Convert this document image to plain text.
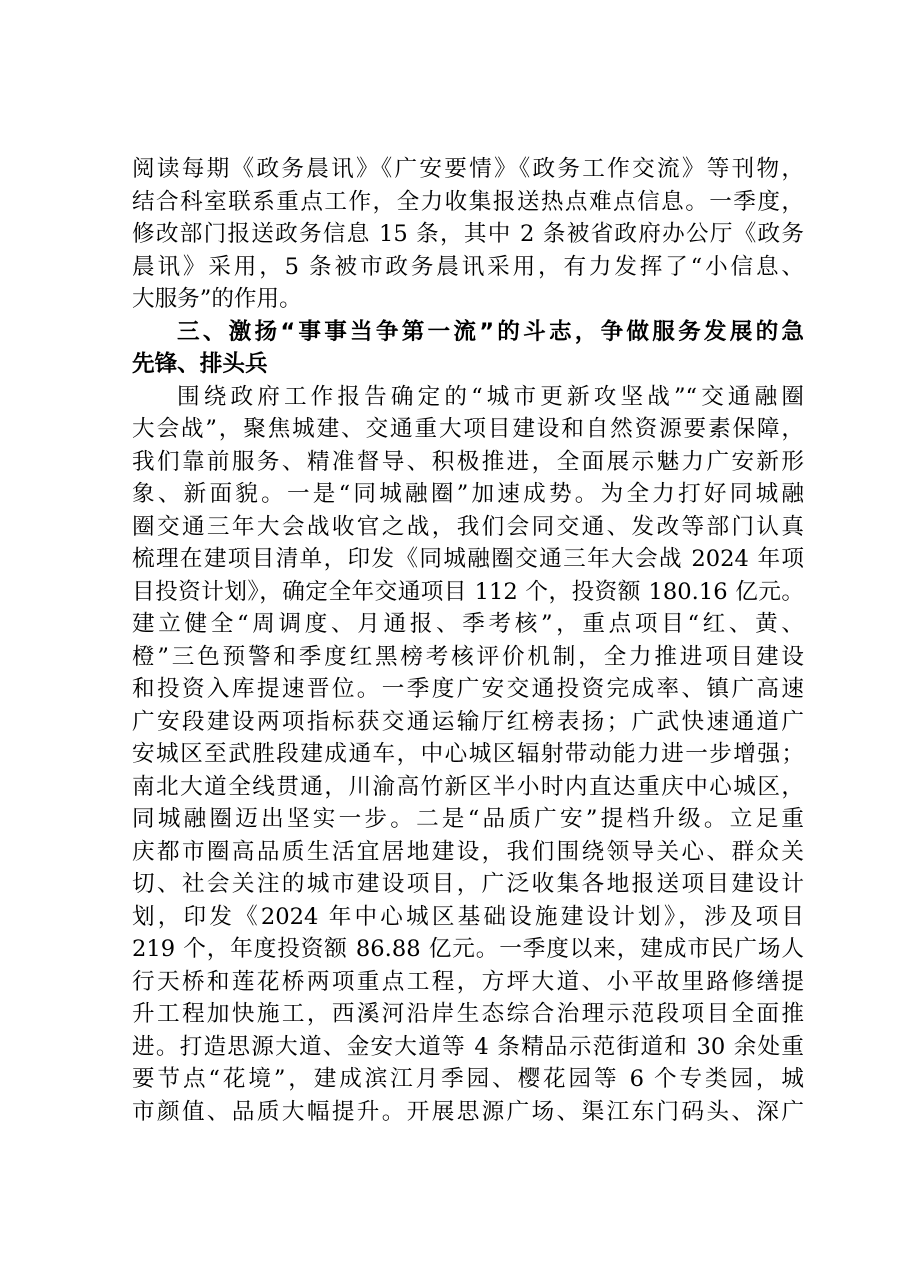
阅读每期《政务晨讯》《广安要情》《政务工作交流》等刊物，
结合科室联系重点工作，全力收集报送热点难点信息。一季度，
修改部门报送政务信息 15 条，其中 2 条被省政府办公厅《政务
晨讯》采用，5 条被市政务晨讯采用，有力发挥了“小信息、
大服务”的作用。
三、激扬“事事当争第一流”的斗志，争做服务发展的急
先锋、排头兵
围绕政府工作报告确定的“城市更新攻坚战”“交通融圈
大会战”，聚焦城建、交通重大项目建设和自然资源要素保障，
我们靠前服务、精准督导、积极推进，全面展示魅力广安新形
象、新面貌。一是“同城融圈”加速成势。为全力打好同城融
圈交通三年大会战收官之战，我们会同交通、发改等部门认真
梳理在建项目清单，印发《同城融圈交通三年大会战 2024 年项
目投资计划》，确定全年交通项目 112 个，投资额 180.16 亿元。
建立健全“周调度、月通报、季考核”，重点项目“红、黄、
橙”三色预警和季度红黑榜考核评价机制，全力推进项目建设
和投资入库提速晋位。一季度广安交通投资完成率、镇广高速
广安段建设两项指标获交通运输厅红榜表扬；广武快速通道广
安城区至武胜段建成通车，中心城区辐射带动能力进一步增强；
南北大道全线贯通，川渝高竹新区半小时内直达重庆中心城区，
同城融圈迈出坚实一步。二是“品质广安”提档升级。立足重
庆都市圈高品质生活宜居地建设，我们围绕领导关心、群众关
切、社会关注的城市建设项目，广泛收集各地报送项目建设计
划，印发《2024 年中心城区基础设施建设计划》，涉及项目
219 个，年度投资额 86.88 亿元。一季度以来，建成市民广场人
行天桥和莲花桥两项重点工程，方坪大道、小平故里路修缮提
升工程加快施工，西溪河沿岸生态综合治理示范段项目全面推
进。打造思源大道、金安大道等 4 条精品示范街道和 30 余处重
要节点“花境”，建成滨江月季园、樱花园等 6 个专类园，城
市颜值、品质大幅提升。开展思源广场、渠江东门码头、深广
